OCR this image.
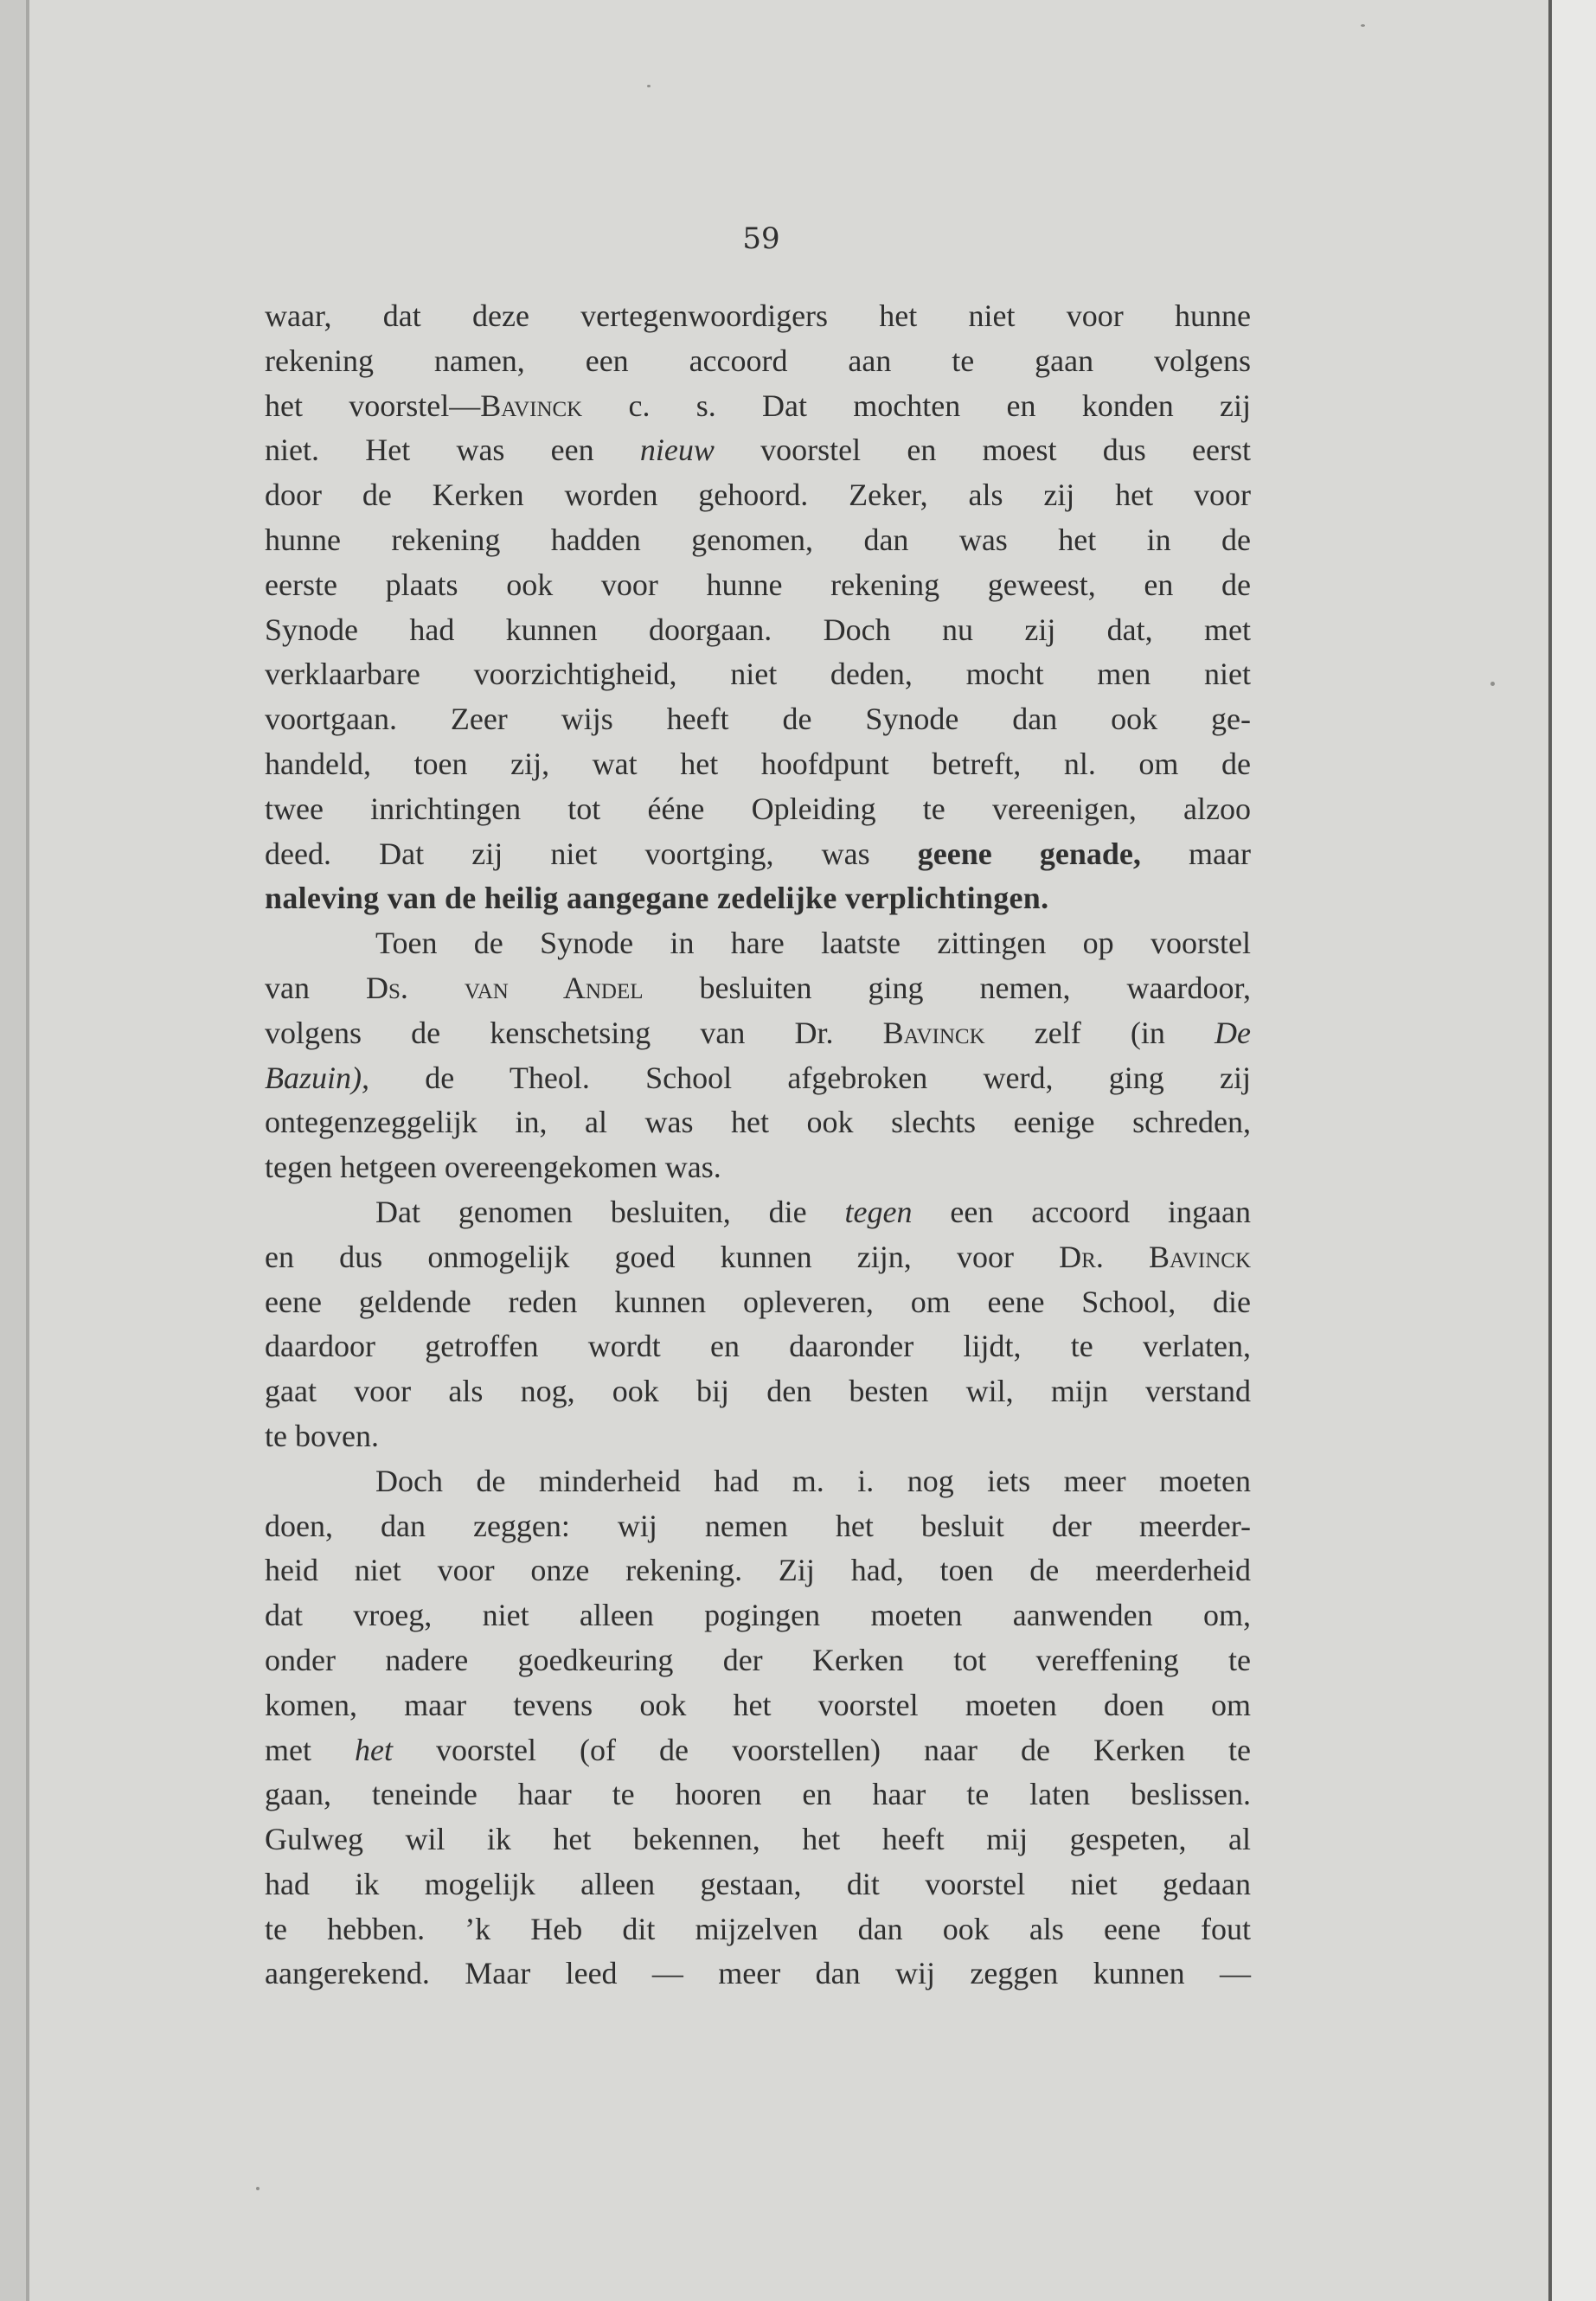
59
waar, dat deze vertegenwoordigers het niet voor hunne
rekening namen, een accoord aan te gaan volgens
het voorstel—Bavinck c. s. Dat mochten en konden zij
niet. Het was een nieuw voorstel en moest dus eerst
door de Kerken worden gehoord. Zeker, als zij het voor
hunne rekening hadden genomen, dan was het in de
eerste plaats ook voor hunne rekening geweest, en de
Synode had kunnen doorgaan. Doch nu zij dat, met
verklaarbare voorzichtigheid, niet deden, mocht men niet
voortgaan. Zeer wijs heeft de Synode dan ook ge-
handeld, toen zij, wat het hoofdpunt betreft, nl. om de
twee inrichtingen tot ééne Opleiding te vereenigen, alzoo
deed. Dat zij niet voortging, was geene genade, maar
naleving van de heilig aangegane zedelijke verplichtingen.
Toen de Synode in hare laatste zittingen op voorstel
van Ds. van Andel besluiten ging nemen, waardoor,
volgens de kenschetsing van Dr. Bavinck zelf (in De
Bazuin), de Theol. School afgebroken werd, ging zij
ontegenzeggelijk in, al was het ook slechts eenige schreden,
tegen hetgeen overeengekomen was.
Dat genomen besluiten, die tegen een accoord ingaan
en dus onmogelijk goed kunnen zijn, voor Dr. Bavinck
eene geldende reden kunnen opleveren, om eene School, die
daardoor getroffen wordt en daaronder lijdt, te verlaten,
gaat voor als nog, ook bij den besten wil, mijn verstand
te boven.
Doch de minderheid had m. i. nog iets meer moeten
doen, dan zeggen: wij nemen het besluit der meerder-
heid niet voor onze rekening. Zij had, toen de meerderheid
dat vroeg, niet alleen pogingen moeten aanwenden om,
onder nadere goedkeuring der Kerken tot vereffening te
komen, maar tevens ook het voorstel moeten doen om
met het voorstel (of de voorstellen) naar de Kerken te
gaan, teneinde haar te hooren en haar te laten beslissen.
Gulweg wil ik het bekennen, het heeft mij gespeten, al
had ik mogelijk alleen gestaan, dit voorstel niet gedaan
te hebben. ’k Heb dit mijzelven dan ook als eene fout
aangerekend. Maar leed — meer dan wij zeggen kunnen —
